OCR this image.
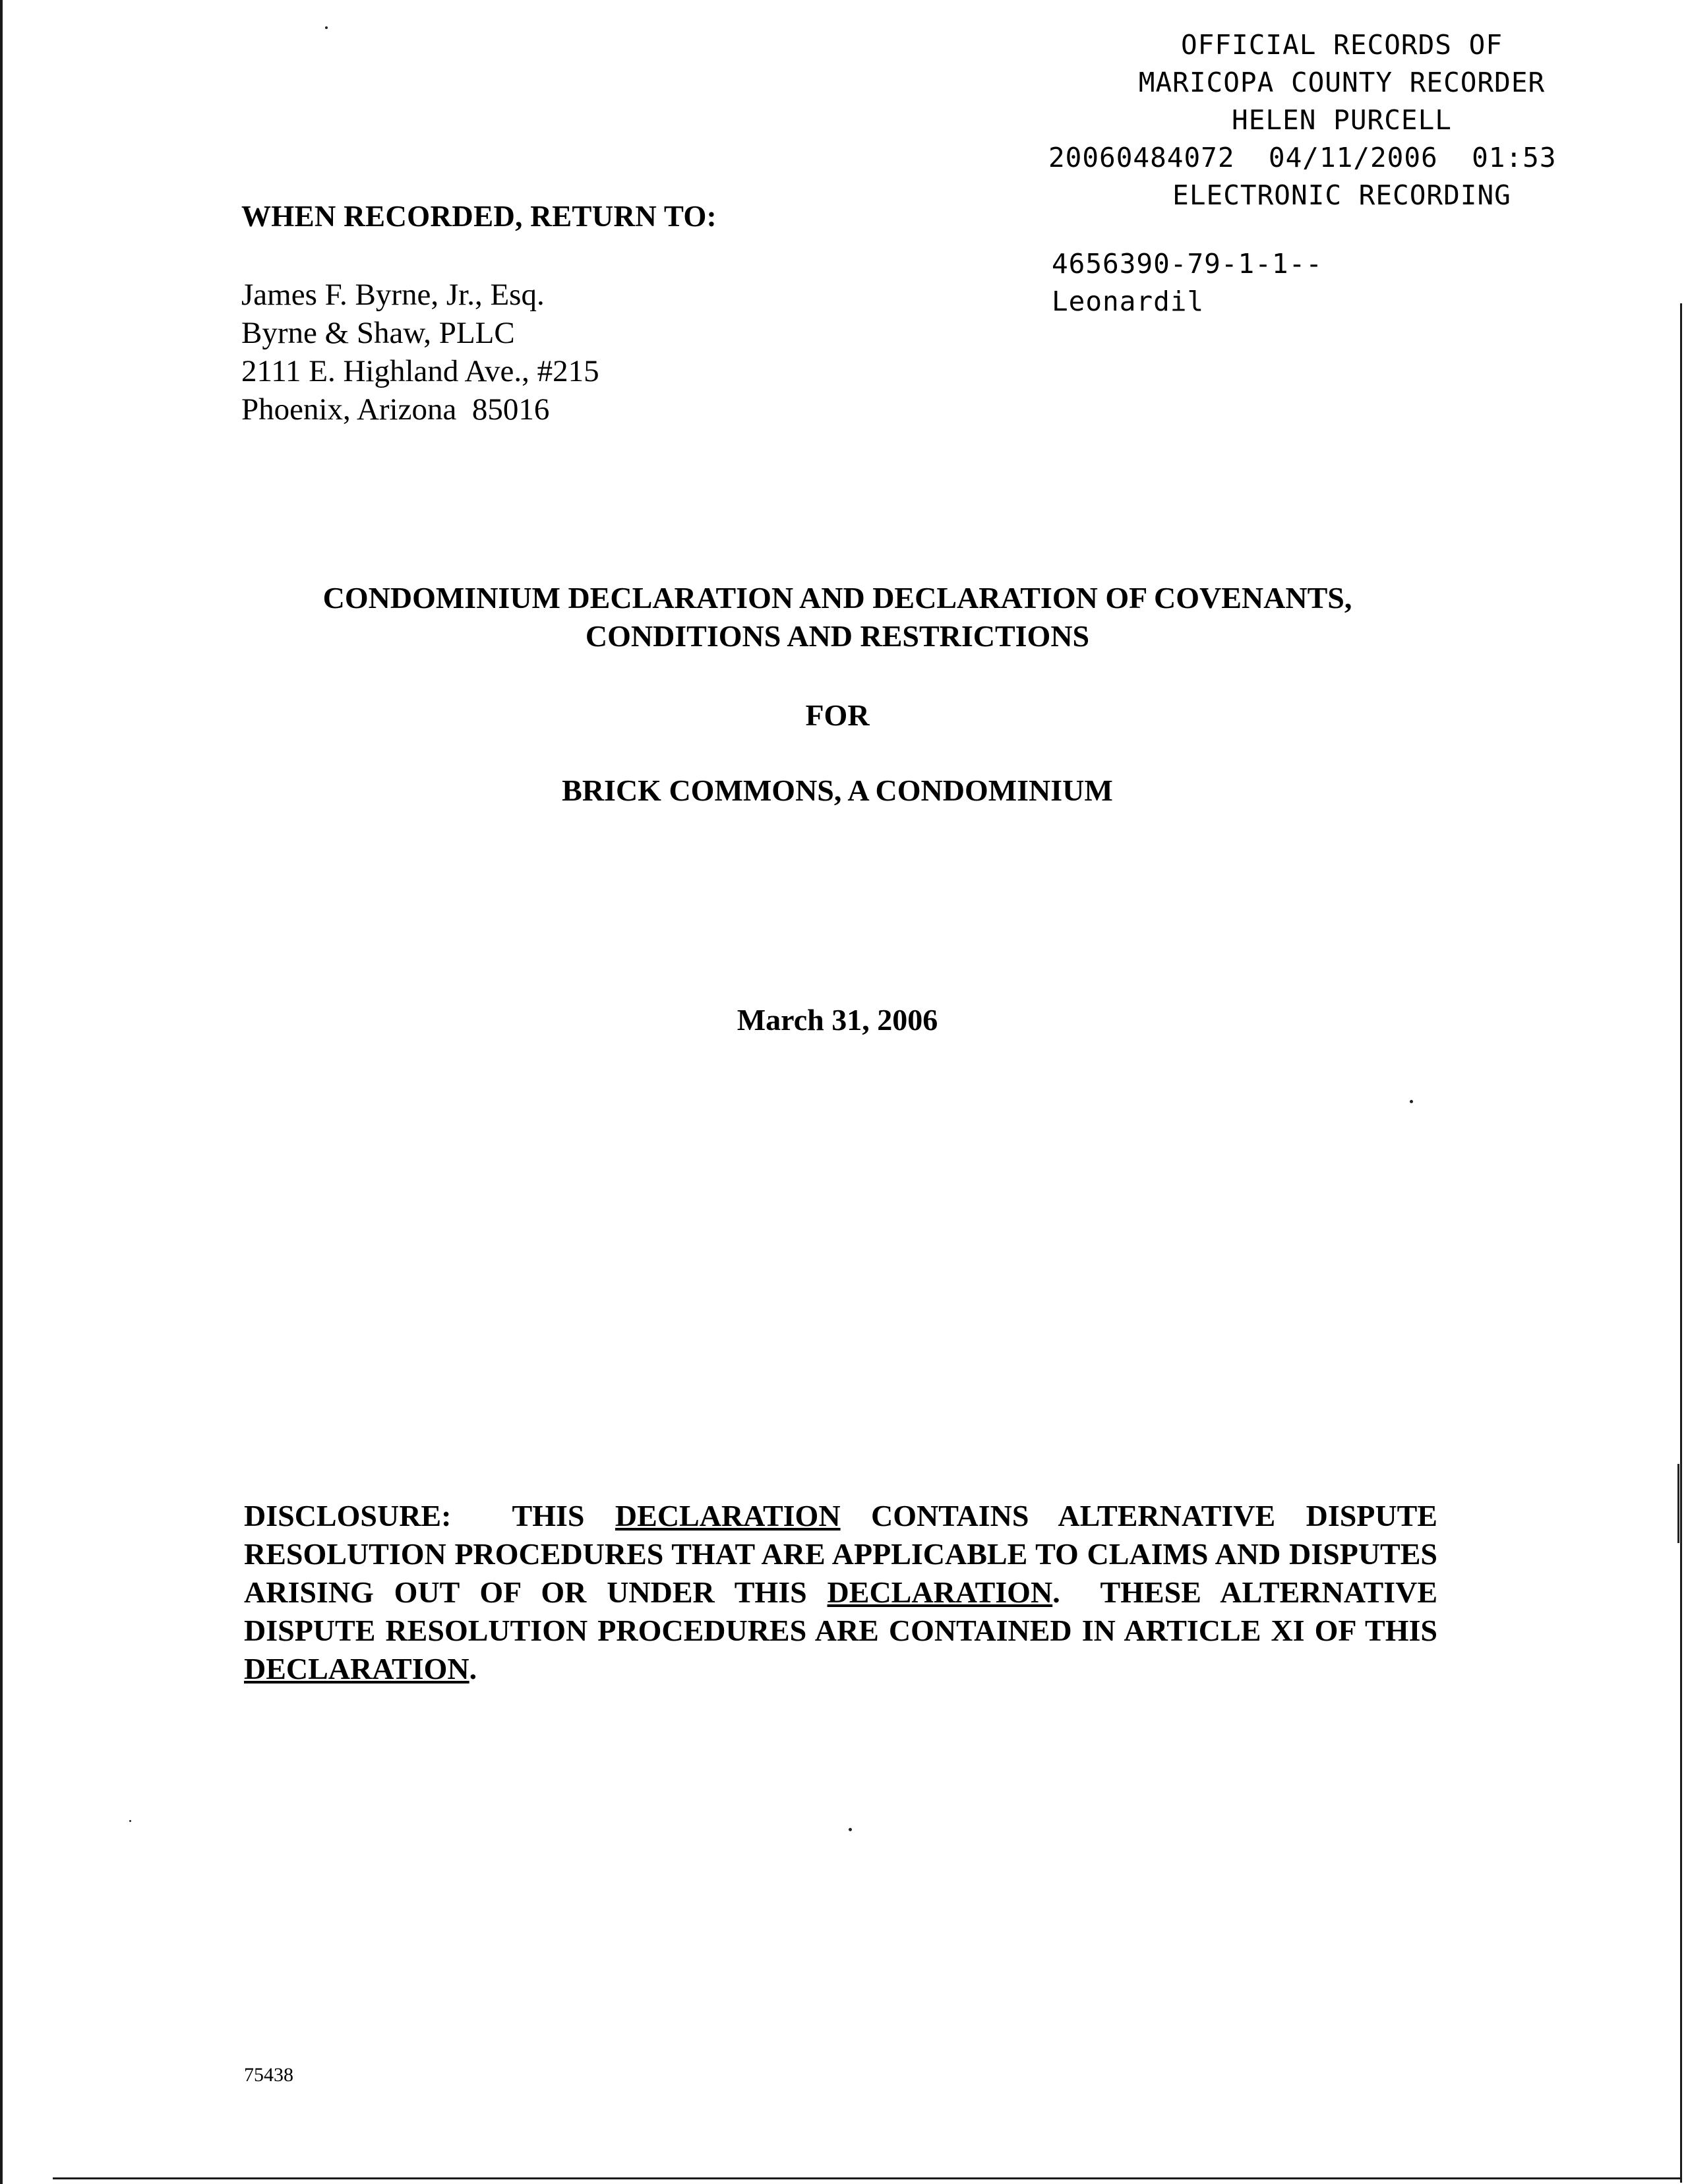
OFFICIAL RECORDS OF
MARICOPA COUNTY RECORDER
HELEN PURCELL
20060484072  04/11/2006  01:53
ELECTRONIC RECORDING
4656390-79-1-1--
Leonardil
WHEN RECORDED, RETURN TO:
James F. Byrne, Jr., Esq.
Byrne & Shaw, PLLC
2111 E. Highland Ave., #215
Phoenix, Arizona  85016
CONDOMINIUM DECLARATION AND DECLARATION OF COVENANTS,
CONDITIONS AND RESTRICTIONS
FOR
BRICK COMMONS, A CONDOMINIUM
March 31, 2006
DISCLOSURE:  THIS DECLARATION CONTAINS ALTERNATIVE DISPUTE RESOLUTION PROCEDURES THAT ARE APPLICABLE TO CLAIMS AND DISPUTES ARISING OUT OF OR UNDER THIS DECLARATION.  THESE ALTERNATIVE DISPUTE RESOLUTION PROCEDURES ARE CONTAINED IN ARTICLE XI OF THIS DECLARATION.
75438
